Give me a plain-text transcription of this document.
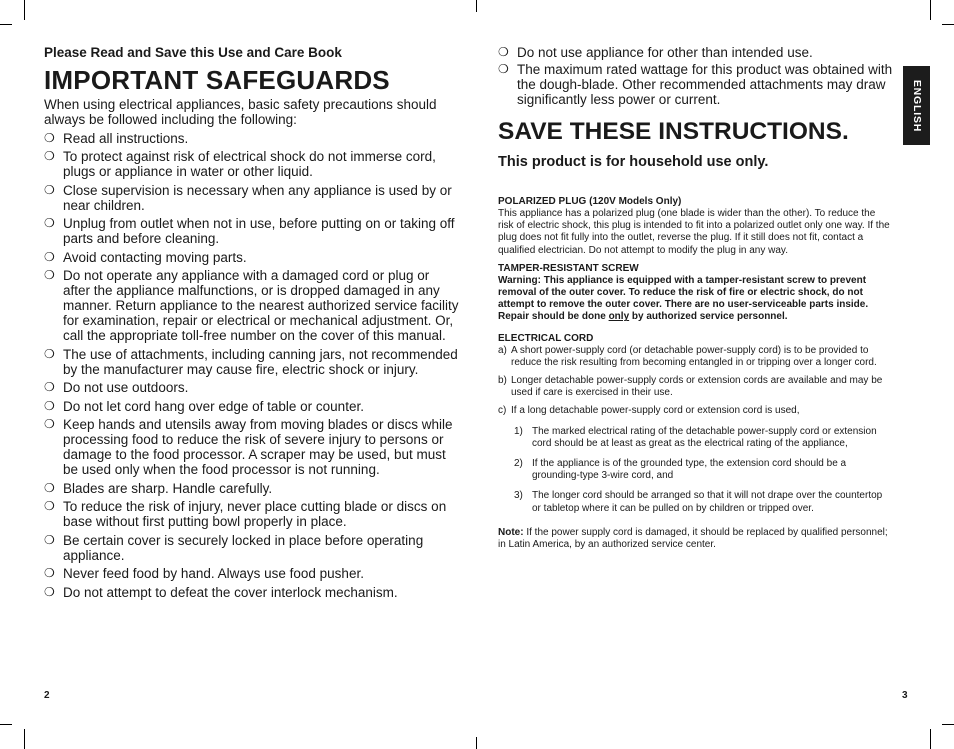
Please Read and Save this Use and Care Book
IMPORTANT SAFEGUARDS
When using electrical appliances, basic safety precautions should always be followed including the following:
❍ Read all instructions.
❍ To protect against risk of electrical shock do not immerse cord, plugs or appliance in water or other liquid.
❍ Close supervision is necessary when any appliance is used by or near children.
❍ Unplug from outlet when not in use, before putting on or taking off parts and before cleaning.
❍ Avoid contacting moving parts.
❍ Do not operate any appliance with a damaged cord or plug or after the appliance malfunctions, or is dropped damaged in any manner. Return appliance to the nearest authorized service facility for examination, repair or electrical or mechanical adjustment. Or, call the appropriate toll-free number on the cover of this manual.
❍ The use of attachments, including canning jars, not recommended by the manufacturer may cause fire, electric shock or injury.
❍ Do not use outdoors.
❍ Do not let cord hang over edge of table or counter.
❍ Keep hands and utensils away from moving blades or discs while processing food to reduce the risk of severe injury to persons or damage to the food processor. A scraper may be used, but must be used only when the food processor is not running.
❍ Blades are sharp. Handle carefully.
❍ To reduce the risk of injury, never place cutting blade or discs on base without first putting bowl properly in place.
❍ Be certain cover is securely locked in place before operating appliance.
❍ Never feed food by hand. Always use food pusher.
❍ Do not attempt to defeat the cover interlock mechanism.
❍ Do not use appliance for other than intended use.
❍ The maximum rated wattage for this product was obtained with the dough-blade. Other recommended attachments may draw significantly less power or current.
SAVE THESE INSTRUCTIONS.
This product is for household use only.
POLARIZED PLUG (120V Models Only)
This appliance has a polarized plug (one blade is wider than the other). To reduce the risk of electric shock, this plug is intended to fit into a polarized outlet only one way. If the plug does not fit fully into the outlet, reverse the plug. If it still does not fit, contact a qualified electrician. Do not attempt to modify the plug in any way.
TAMPER-RESISTANT SCREW
Warning: This appliance is equipped with a tamper-resistant screw to prevent removal of the outer cover. To reduce the risk of fire or electric shock, do not attempt to remove the outer cover. There are no user-serviceable parts inside. Repair should be done only by authorized service personnel.
ELECTRICAL CORD
a) A short power-supply cord (or detachable power-supply cord) is to be provided to reduce the risk resulting from becoming entangled in or tripping over a longer cord.
b) Longer detachable power-supply cords or extension cords are available and may be used if care is exercised in their use.
c) If a long detachable power-supply cord or extension cord is used,
1) The marked electrical rating of the detachable power-supply cord or extension cord should be at least as great as the electrical rating of the appliance,
2) If the appliance is of the grounded type, the extension cord should be a grounding-type 3-wire cord, and
3) The longer cord should be arranged so that it will not drape over the countertop or tabletop where it can be pulled on by children or tripped over.
Note: If the power supply cord is damaged, it should be replaced by qualified personnel; in Latin America, by an authorized service center.
ENGLISH
2	3
